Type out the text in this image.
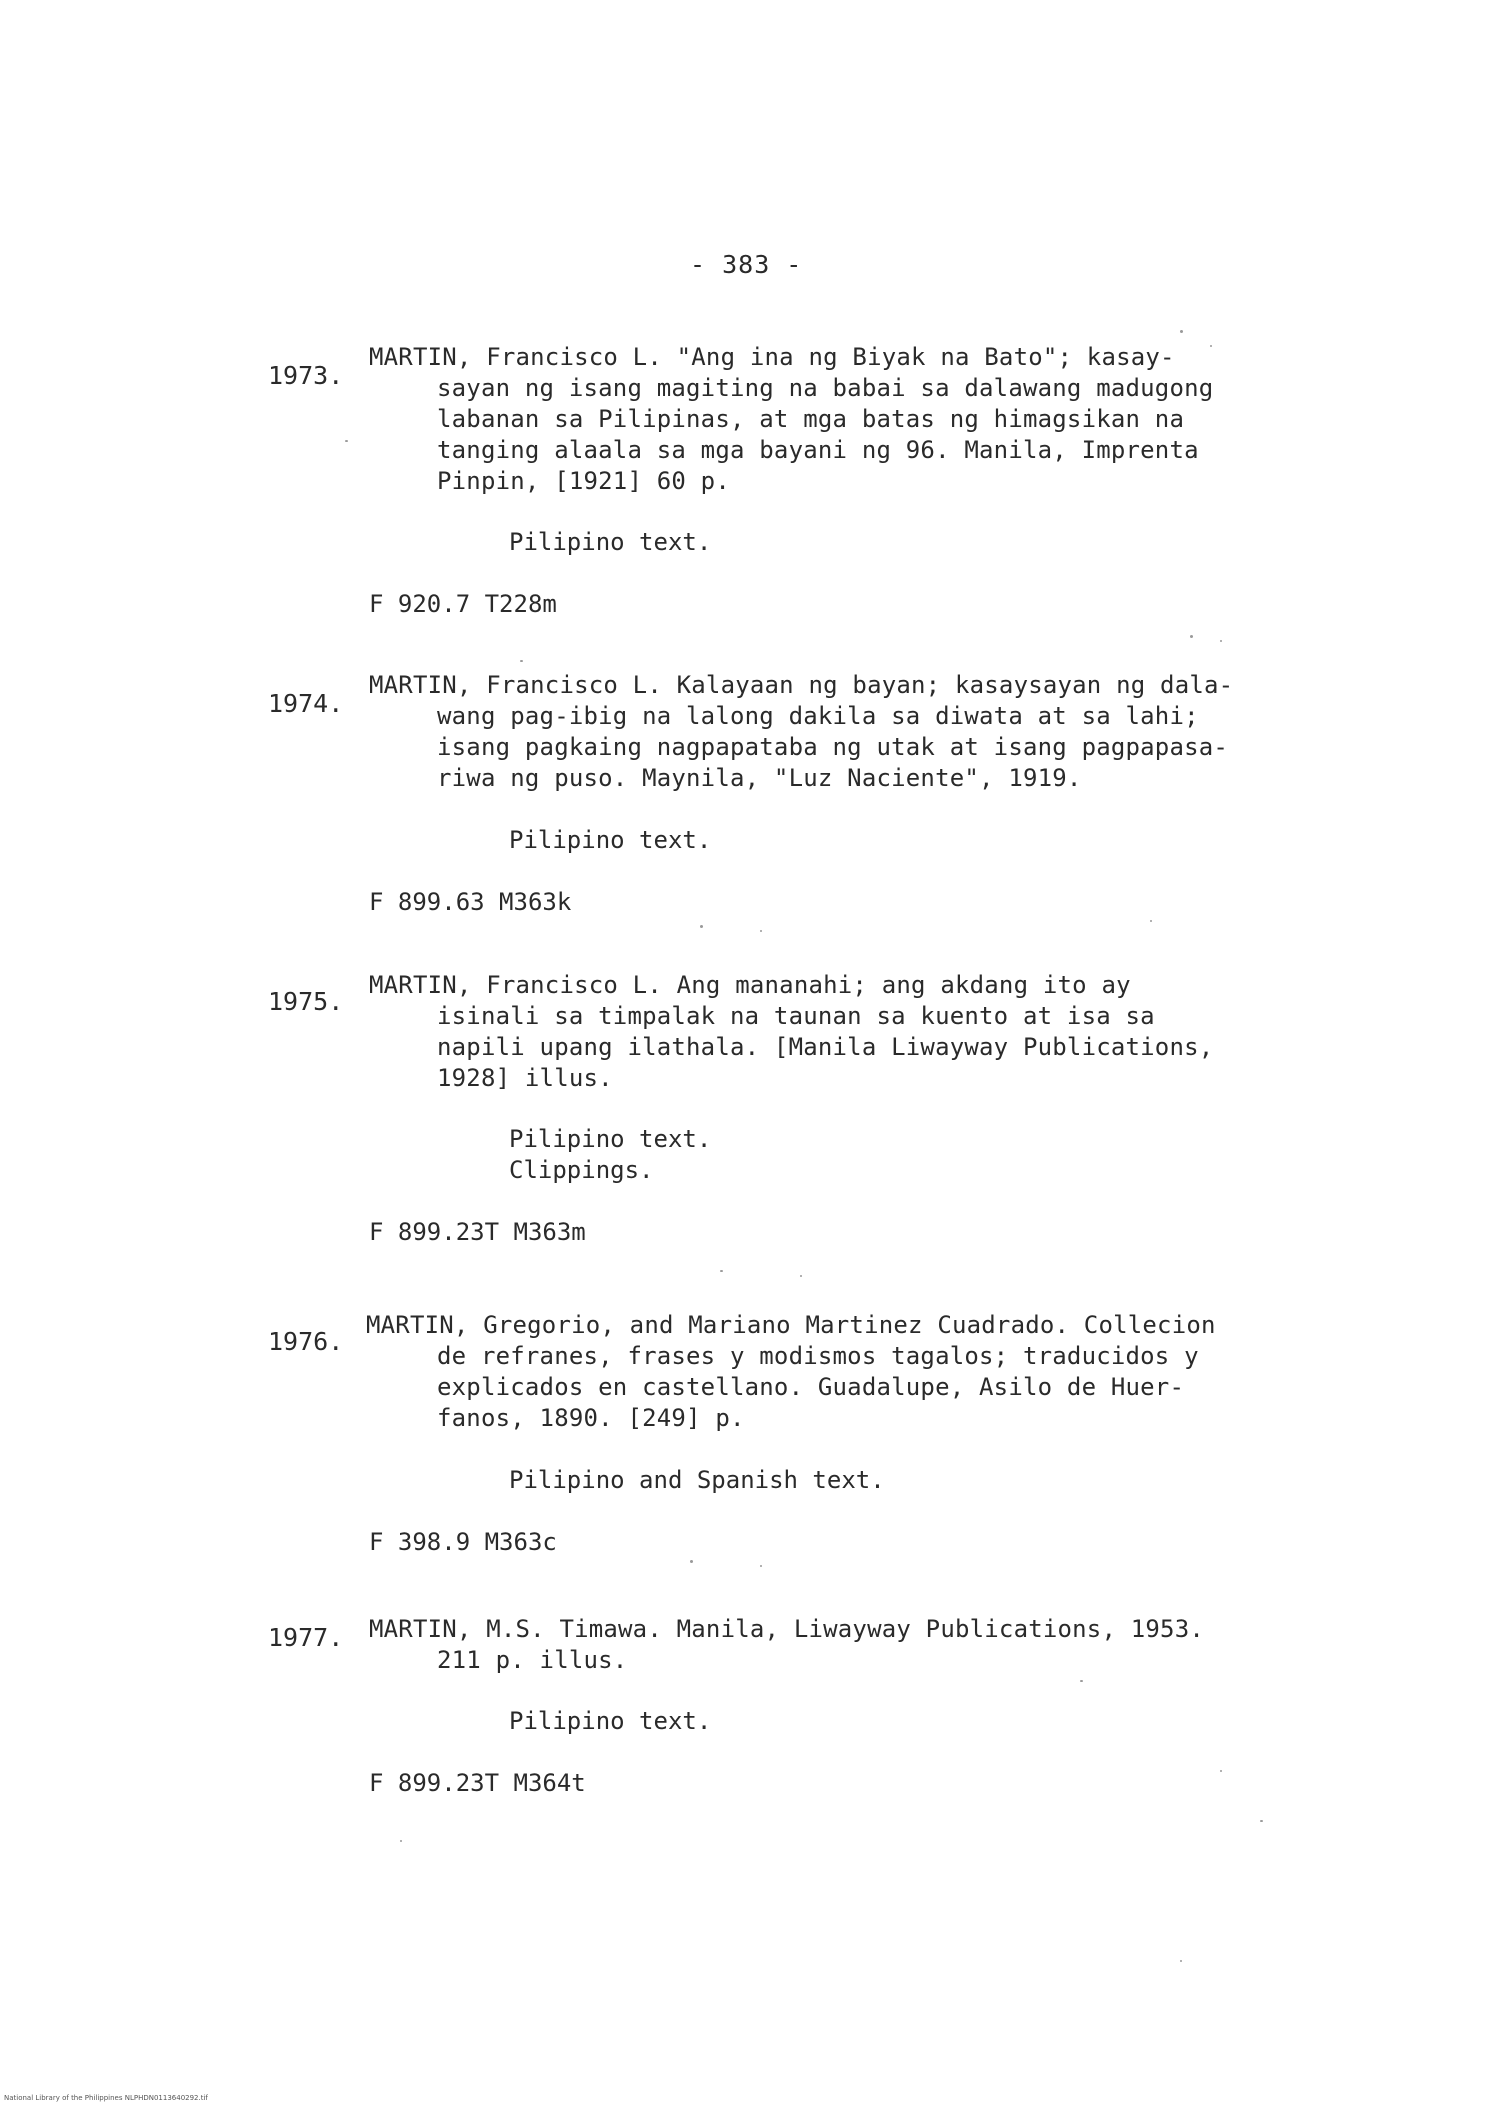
- 383 -
1973.
MARTIN, Francisco L. "Ang ina ng Biyak na Bato"; kasay-
sayan ng isang magiting na babai sa dalawang madugong
labanan sa Pilipinas, at mga batas ng himagsikan na
tanging alaala sa mga bayani ng 96. Manila, Imprenta
Pinpin, [1921] 60 p.
Pilipino text.
F 920.7 T228m
1974.
MARTIN, Francisco L. Kalayaan ng bayan; kasaysayan ng dala-
wang pag-ibig na lalong dakila sa diwata at sa lahi;
isang pagkaing nagpapataba ng utak at isang pagpapasa-
riwa ng puso. Maynila, "Luz Naciente", 1919.
Pilipino text.
F 899.63 M363k
1975.
MARTIN, Francisco L. Ang mananahi; ang akdang ito ay
isinali sa timpalak na taunan sa kuento at isa sa
napili upang ilathala. [Manila Liwayway Publications,
1928] illus.
Pilipino text.
Clippings.
F 899.23T M363m
1976.
MARTIN, Gregorio, and Mariano Martinez Cuadrado. Collecion
de refranes, frases y modismos tagalos; traducidos y
explicados en castellano. Guadalupe, Asilo de Huer-
fanos, 1890. [249] p.
Pilipino and Spanish text.
F 398.9 M363c
1977. MARTIN, M.S. Timawa. Manila, Liwayway Publications, 1953.
211 p. illus.
Pilipino text.
F 899.23T M364t
National Library of the Philippines NLPHDN0113640292.tif
